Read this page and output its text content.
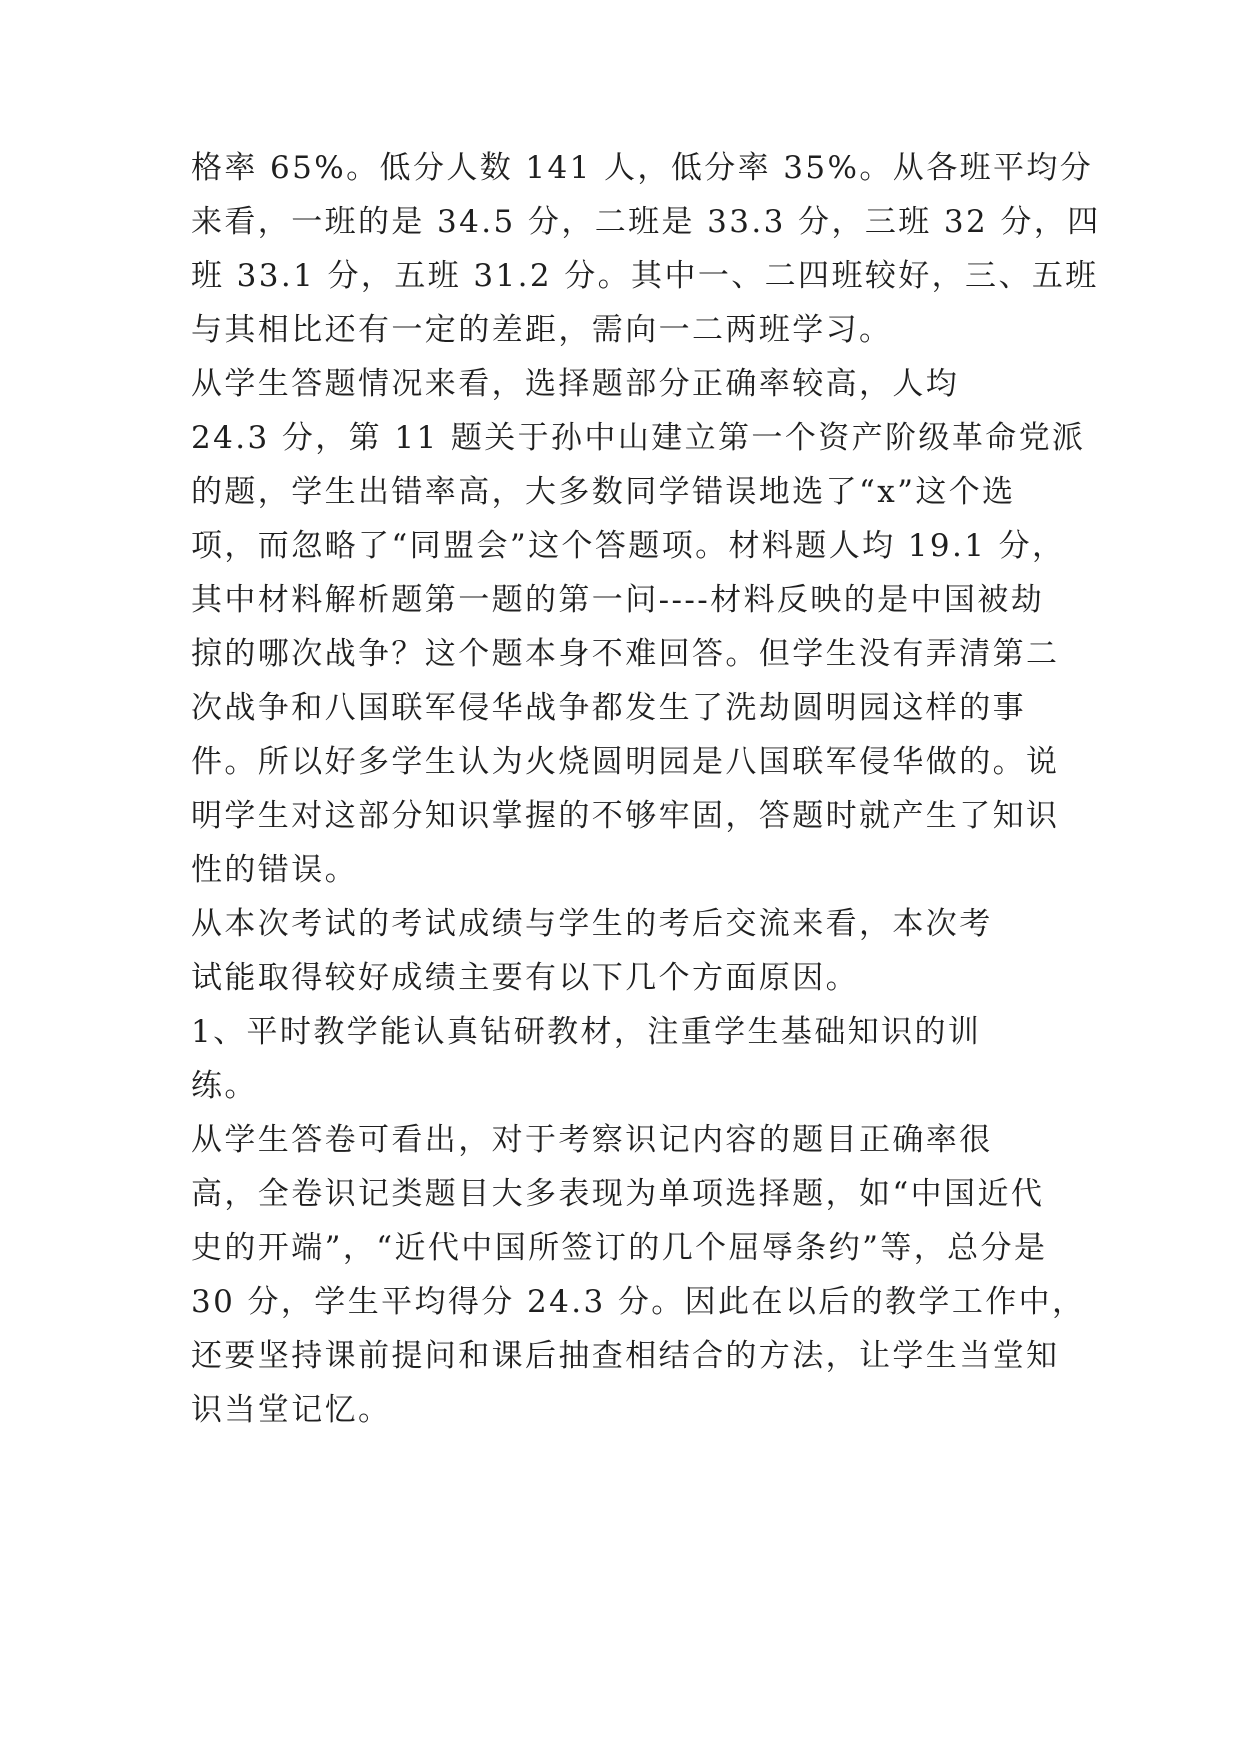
格率 65%。低分人数 141 人，低分率 35%。从各班平均分
来看，一班的是 34.5 分，二班是 33.3 分，三班 32 分，四
班 33.1 分，五班 31.2 分。其中一、二四班较好，三、五班
与其相比还有一定的差距，需向一二两班学习。
从学生答题情况来看，选择题部分正确率较高，人均
24.3 分，第 11 题关于孙中山建立第一个资产阶级革命党派
的题，学生出错率高，大多数同学错误地选了“x”这个选
项，而忽略了“同盟会”这个答题项。材料题人均 19.1 分，
其中材料解析题第一题的第一问----材料反映的是中国被劫
掠的哪次战争？这个题本身不难回答。但学生没有弄清第二
次战争和八国联军侵华战争都发生了洗劫圆明园这样的事
件。所以好多学生认为火烧圆明园是八国联军侵华做的。说
明学生对这部分知识掌握的不够牢固，答题时就产生了知识
性的错误。
从本次考试的考试成绩与学生的考后交流来看，本次考
试能取得较好成绩主要有以下几个方面原因。
1、平时教学能认真钻研教材，注重学生基础知识的训
练。
从学生答卷可看出，对于考察识记内容的题目正确率很
高，全卷识记类题目大多表现为单项选择题，如“中国近代
史的开端”，“近代中国所签订的几个屈辱条约”等，总分是
30 分，学生平均得分 24.3 分。因此在以后的教学工作中，
还要坚持课前提问和课后抽查相结合的方法，让学生当堂知
识当堂记忆。
